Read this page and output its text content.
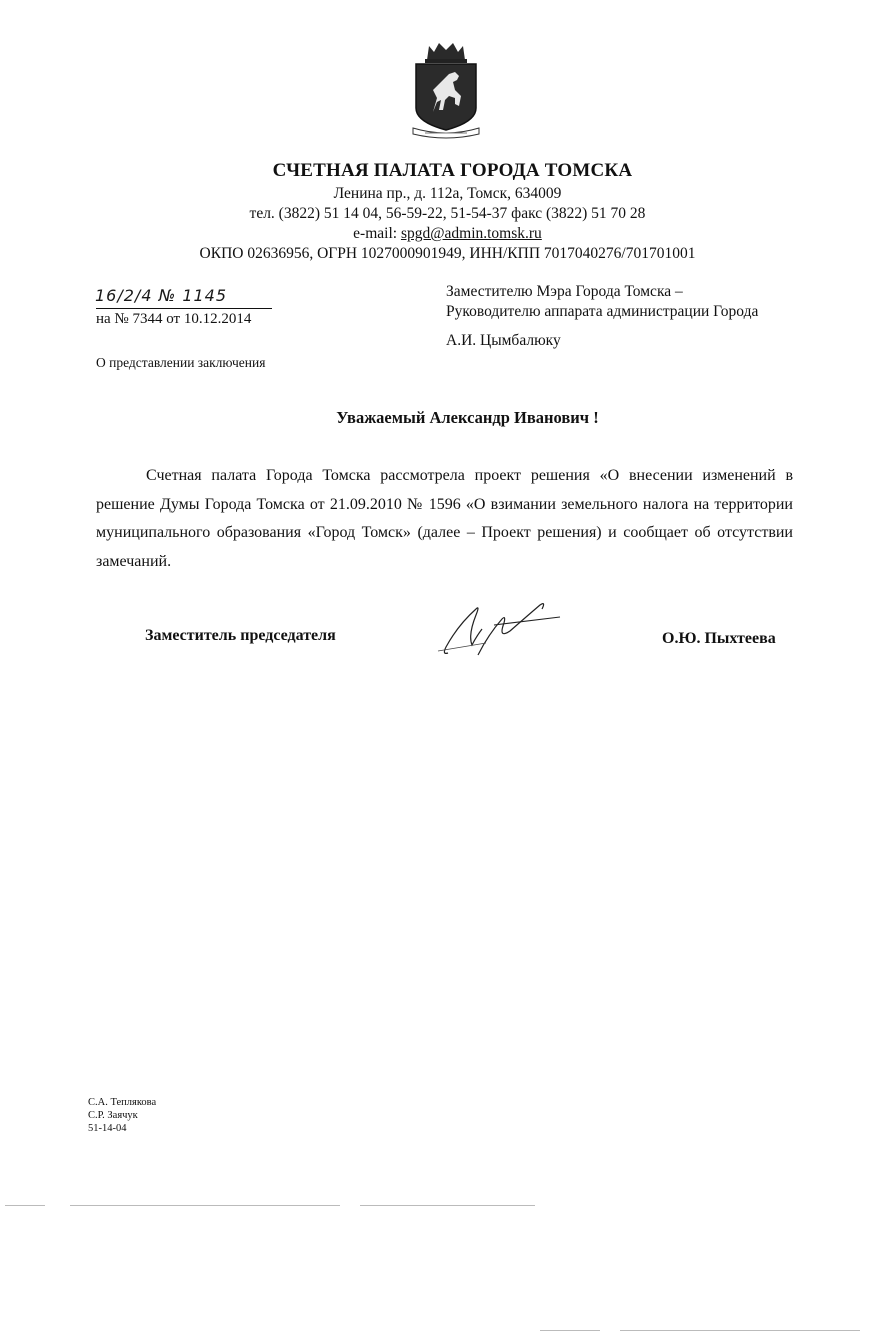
СЧЕТНАЯ ПАЛАТА ГОРОДА ТОМСКА
Ленина пр., д. 112а, Томск, 634009
тел. (3822) 51 14 04, 56-59-22, 51-54-37 факс (3822) 51 70 28
e-mail: spgd@admin.tomsk.ru
ОКПО 02636956, ОГРН 1027000901949, ИНН/КПП 7017040276/701701001
16/2/4 № 1145
на № 7344 от 10.12.2014
О представлении заключения
Заместителю Мэра Города Томска –
Руководителю аппарата администрации Города
А.И. Цымбалюку
Уважаемый Александр Иванович !
Счетная палата Города Томска рассмотрела проект решения «О внесении изменений в решение Думы Города Томска от 21.09.2010 № 1596 «О взимании земельного налога на территории муниципального образования «Город Томск» (далее – Проект решения) и сообщает об отсутствии замечаний.
Заместитель председателя	О.Ю. Пыхтеева
С.А. Теплякова
С.Р. Заячук
51-14-04
